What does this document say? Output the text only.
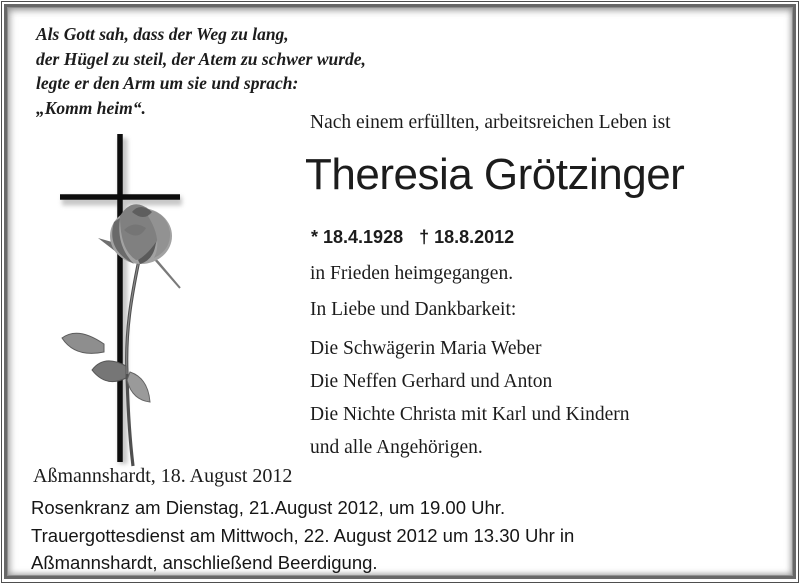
Als Gott sah, dass der Weg zu lang,
der Hügel zu steil, der Atem zu schwer wurde,
legte er den Arm um sie und sprach:
„Komm heim“.
Nach einem erfüllten, arbeitsreichen Leben ist
Theresia Grötzinger
* 18.4.1928 † 18.8.2012
in Frieden heimgegangen.
In Liebe und Dankbarkeit:
Die Schwägerin Maria Weber
Die Neffen Gerhard und Anton
Die Nichte Christa mit Karl und Kindern
und alle Angehörigen.
Aßmannshardt, 18. August 2012
Rosenkranz am Dienstag, 21.August 2012, um 19.00 Uhr.
Trauergottesdienst am Mittwoch, 22. August 2012 um 13.30 Uhr in
Aßmannshardt, anschließend Beerdigung.
